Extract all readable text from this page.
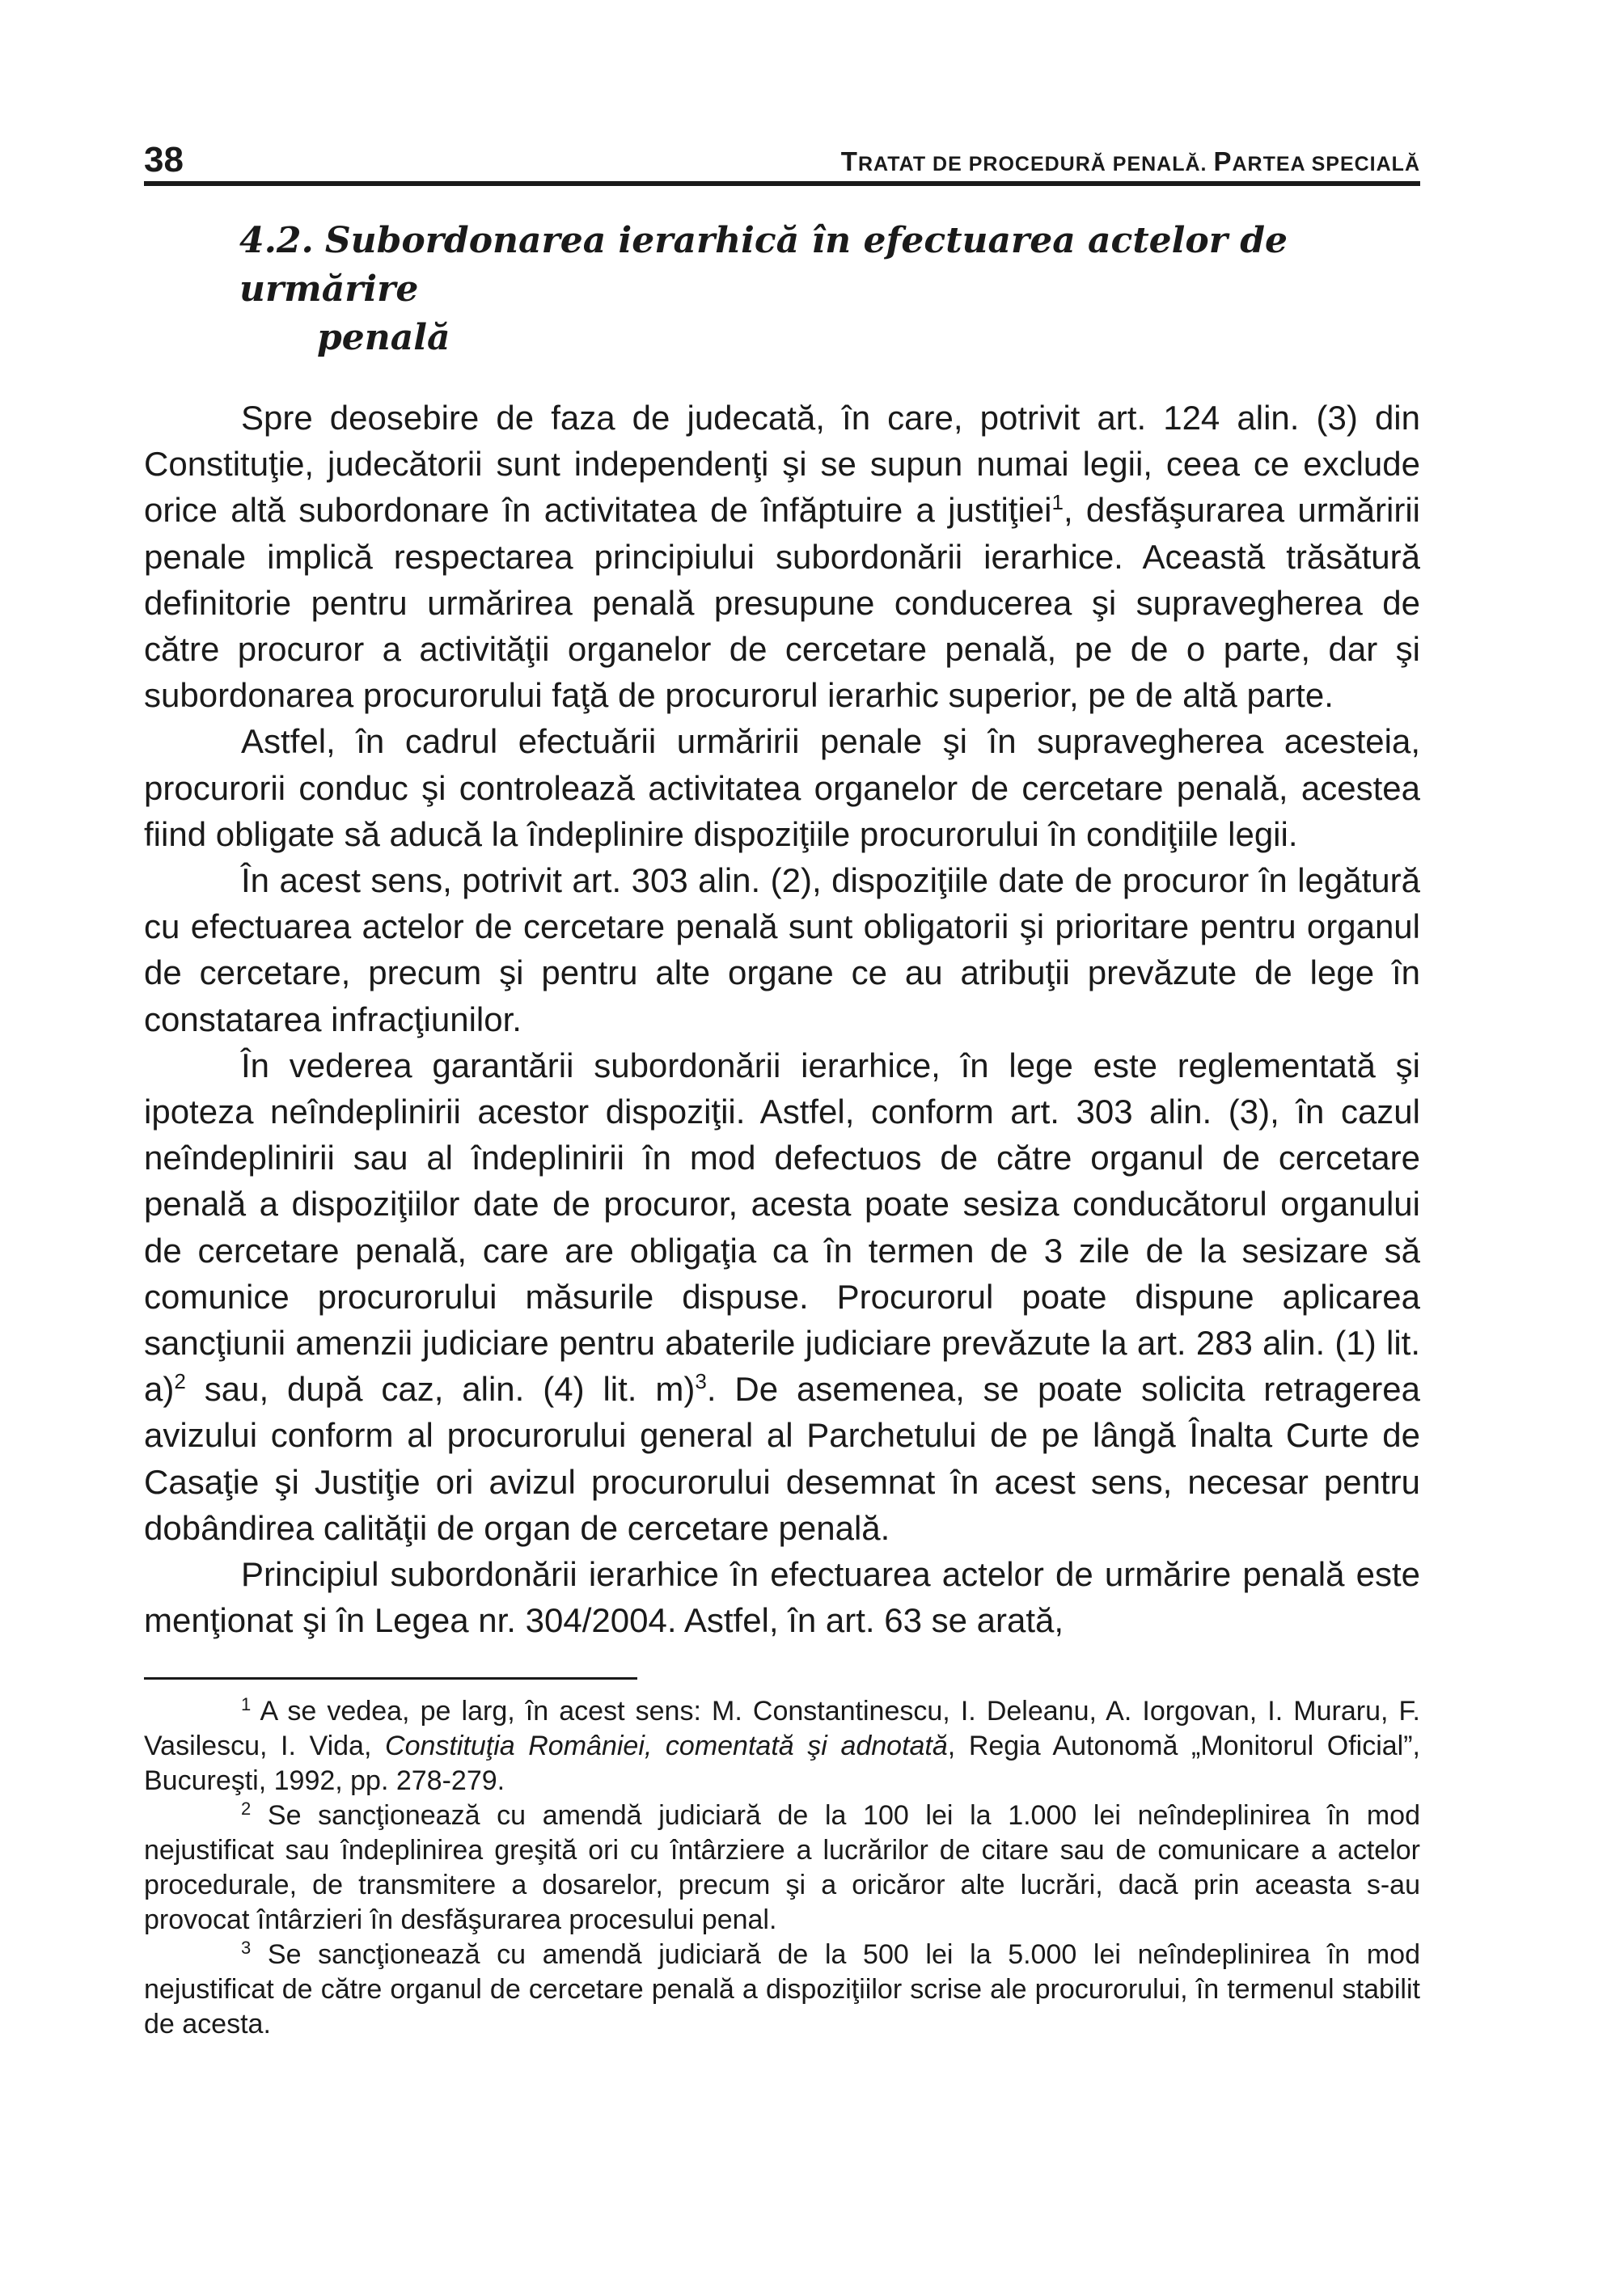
38	TRATAT DE PROCEDURĂ PENALĂ. PARTEA SPECIALĂ
4.2. Subordonarea ierarhică în efectuarea actelor de urmărire
penală

Spre deosebire de faza de judecată, în care, potrivit art. 124 alin. (3) din Constituţie, judecătorii sunt independenţi şi se supun numai legii, ceea ce exclude orice altă subordonare în activitatea de înfăptuire a justiţiei$^1$, desfăşurarea urmăririi penale implică respectarea principiului subordonării ierarhice. Această trăsătură definitorie pentru urmărirea penală presupune conducerea şi supravegherea de către procuror a activităţii organelor de cercetare penală, pe de o parte, dar şi subordonarea procurorului faţă de procurorul ierarhic superior, pe de altă parte.

Astfel, în cadrul efectuării urmăririi penale şi în supravegherea acesteia, procurorii conduc şi controlează activitatea organelor de cercetare penală, acestea fiind obligate să aducă la îndeplinire dispoziţiile procurorului în condiţiile legii.

În acest sens, potrivit art. 303 alin. (2), dispoziţiile date de procuror în legătură cu efectuarea actelor de cercetare penală sunt obligatorii şi prioritare pentru organul de cercetare, precum şi pentru alte organe ce au atribuţii prevăzute de lege în constatarea infracţiunilor.

În vederea garantării subordonării ierarhice, în lege este reglementată şi ipoteza neîndeplinirii acestor dispoziţii. Astfel, conform art. 303 alin. (3), în cazul neîndeplinirii sau al îndeplinirii în mod defectuos de către organul de cercetare penală a dispoziţiilor date de procuror, acesta poate sesiza conducătorul organului de cercetare penală, care are obligaţia ca în termen de 3 zile de la sesizare să comunice procurorului măsurile dispuse. Procurorul poate dispune aplicarea sancţiunii amenzii judiciare pentru abaterile judiciare prevăzute la art. 283 alin. (1) lit. a)$^2$ sau, după caz, alin. (4) lit. m)$^3$. De asemenea, se poate solicita retragerea avizului conform al procurorului general al Parchetului de pe lângă Înalta Curte de Casaţie şi Justiţie ori avizul procurorului desemnat în acest sens, necesar pentru dobândirea calităţii de organ de cercetare penală.

Principiul subordonării ierarhice în efectuarea actelor de urmărire penală este menţionat şi în Legea nr. 304/2004. Astfel, în art. 63 se arată,

$^1$ A se vedea, pe larg, în acest sens: M. Constantinescu, I. Deleanu, A. Iorgovan, I. Muraru, F. Vasilescu, I. Vida, Constituţia României, comentată şi adnotată, Regia Autonomă „Monitorul Oficial”, Bucureşti, 1992, pp. 278-279.

$^2$ Se sancţionează cu amendă judiciară de la 100 lei la 1.000 lei neîndeplinirea în mod nejustificat sau îndeplinirea greşită ori cu întârziere a lucrărilor de citare sau de comunicare a actelor procedurale, de transmitere a dosarelor, precum şi a oricăror alte lucrări, dacă prin aceasta s-au provocat întârzieri în desfăşurarea procesului penal.

$^3$ Se sancţionează cu amendă judiciară de la 500 lei la 5.000 lei neîndeplinirea în mod nejustificat de către organul de cercetare penală a dispoziţiilor scrise ale procurorului, în termenul stabilit de acesta.
